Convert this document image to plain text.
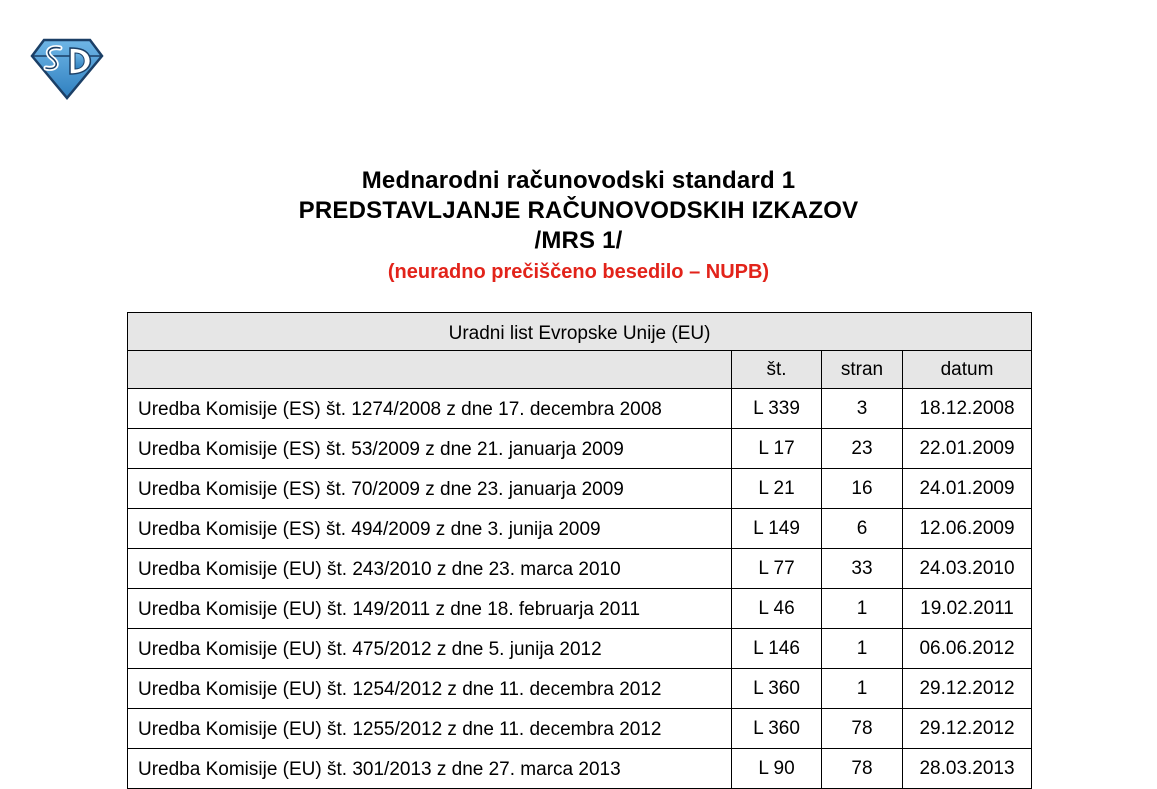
Mednarodni računovodski standard 1
PREDSTAVLJANJE RAČUNOVODSKIH IZKAZOV
/MRS 1/
(neuradno prečiščeno besedilo – NUPB)
Uradni list Evropske Unije (EU)			
	št.	stran	datum
Uredba Komisije (ES) št. 1274/2008 z dne 17. decembra 2008	L 339	3	18.12.2008
Uredba Komisije (ES) št. 53/2009 z dne 21. januarja 2009	L 17	23	22.01.2009
Uredba Komisije (ES) št. 70/2009 z dne 23. januarja 2009	L 21	16	24.01.2009
Uredba Komisije (ES) št. 494/2009 z dne 3. junija 2009	L 149	6	12.06.2009
Uredba Komisije (EU) št. 243/2010 z dne 23. marca 2010	L 77	33	24.03.2010
Uredba Komisije (EU) št. 149/2011 z dne 18. februarja 2011	L 46	1	19.02.2011
Uredba Komisije (EU) št. 475/2012 z dne 5. junija 2012	L 146	1	06.06.2012
Uredba Komisije (EU) št. 1254/2012 z dne 11. decembra 2012	L 360	1	29.12.2012
Uredba Komisije (EU) št. 1255/2012 z dne 11. decembra 2012	L 360	78	29.12.2012
Uredba Komisije (EU) št. 301/2013 z dne 27. marca 2013	L 90	78	28.03.2013
